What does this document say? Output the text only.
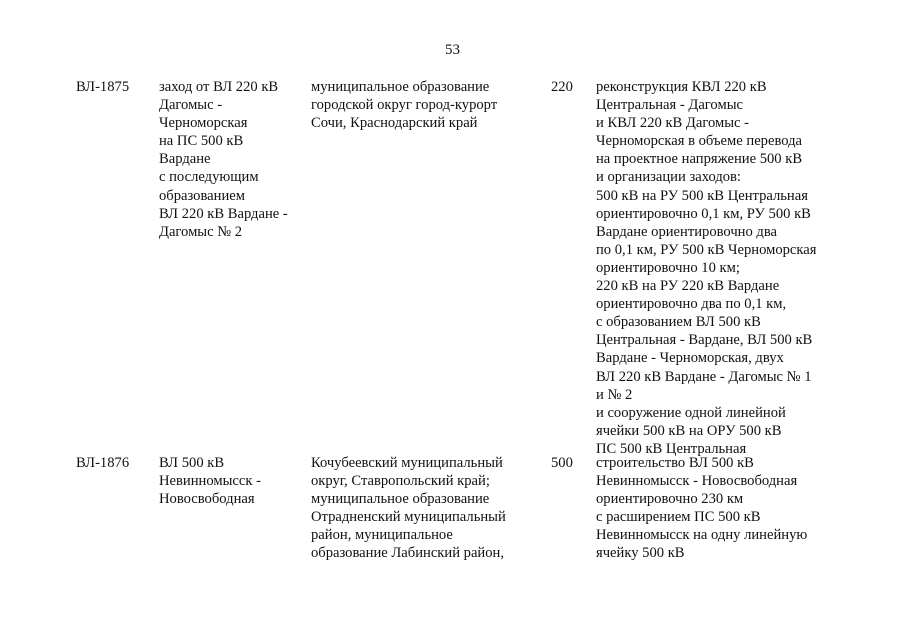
53
ВЛ-1875 заход от ВЛ 220 кВ
Дагомыс -
Черноморская
на ПС 500 кВ
Вардане
с последующим
образованием
ВЛ 220 кВ Вардане -
Дагомыс № 2
муниципальное образование
городской округ город-курорт
Сочи, Краснодарский край
220 реконструкция КВЛ 220 кВ
Центральная - Дагомыс
и КВЛ 220 кВ Дагомыс -
Черноморская в объеме перевода
на проектное напряжение 500 кВ
и организации заходов:
500 кВ на РУ 500 кВ Центральная
ориентировочно 0,1 км, РУ 500 кВ
Вардане ориентировочно два
по 0,1 км, РУ 500 кВ Черноморская
ориентировочно 10 км;
220 кВ на РУ 220 кВ Вардане
ориентировочно два по 0,1 км,
с образованием ВЛ 500 кВ
Центральная - Вардане, ВЛ 500 кВ
Вардане - Черноморская, двух
ВЛ 220 кВ Вардане - Дагомыс № 1
и № 2
и сооружение одной линейной
ячейки 500 кВ на ОРУ 500 кВ
ПС 500 кВ Центральная
ВЛ-1876 ВЛ 500 кВ
Невинномысск -
Новосвободная
Кочубеевский муниципальный
округ, Ставропольский край;
муниципальное образование
Отрадненский муниципальный
район, муниципальное
образование Лабинский район,
500 строительство ВЛ 500 кВ
Невинномысск - Новосвободная
ориентировочно 230 км
с расширением ПС 500 кВ
Невинномысск на одну линейную
ячейку 500 кВ
